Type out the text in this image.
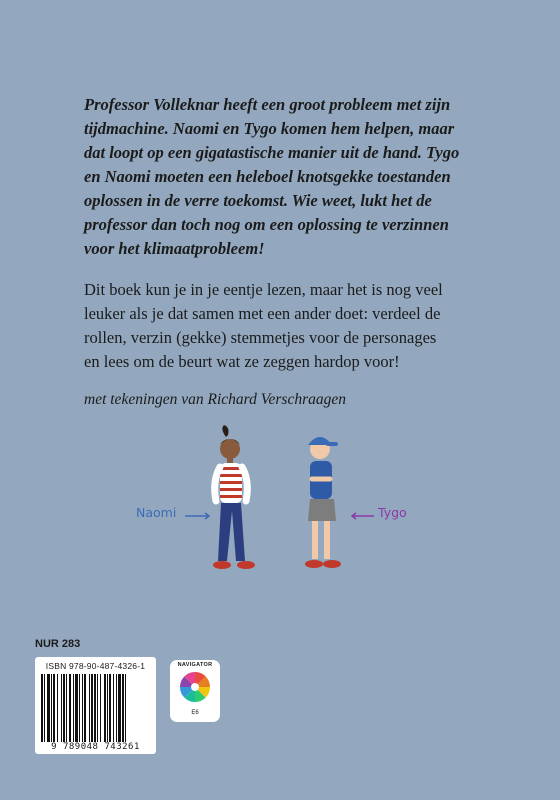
Professor Volleknar heeft een groot probleem met zijn
tijdmachine. Naomi en Tygo komen hem helpen, maar
dat loopt op een gigatastische manier uit de hand. Tygo
en Naomi moeten een heleboel knotsgekke toestanden
oplossen in de verre toekomst. Wie weet, lukt het de
professor dan toch nog om een oplossing te verzinnen
voor het klimaatprobleem!
Dit boek kun je in je eentje lezen, maar het is nog veel
leuker als je dat samen met een ander doet: verdeel de
rollen, verzin (gekke) stemmetjes voor de personages
en lees om de beurt wat ze zeggen hardop voor!
met tekeningen van Richard Verschraagen
Naomi	Tygo
NUR 283
ISBN 978-90-487-4326-1
9 789048 743261
NAVIGATOR
E6
